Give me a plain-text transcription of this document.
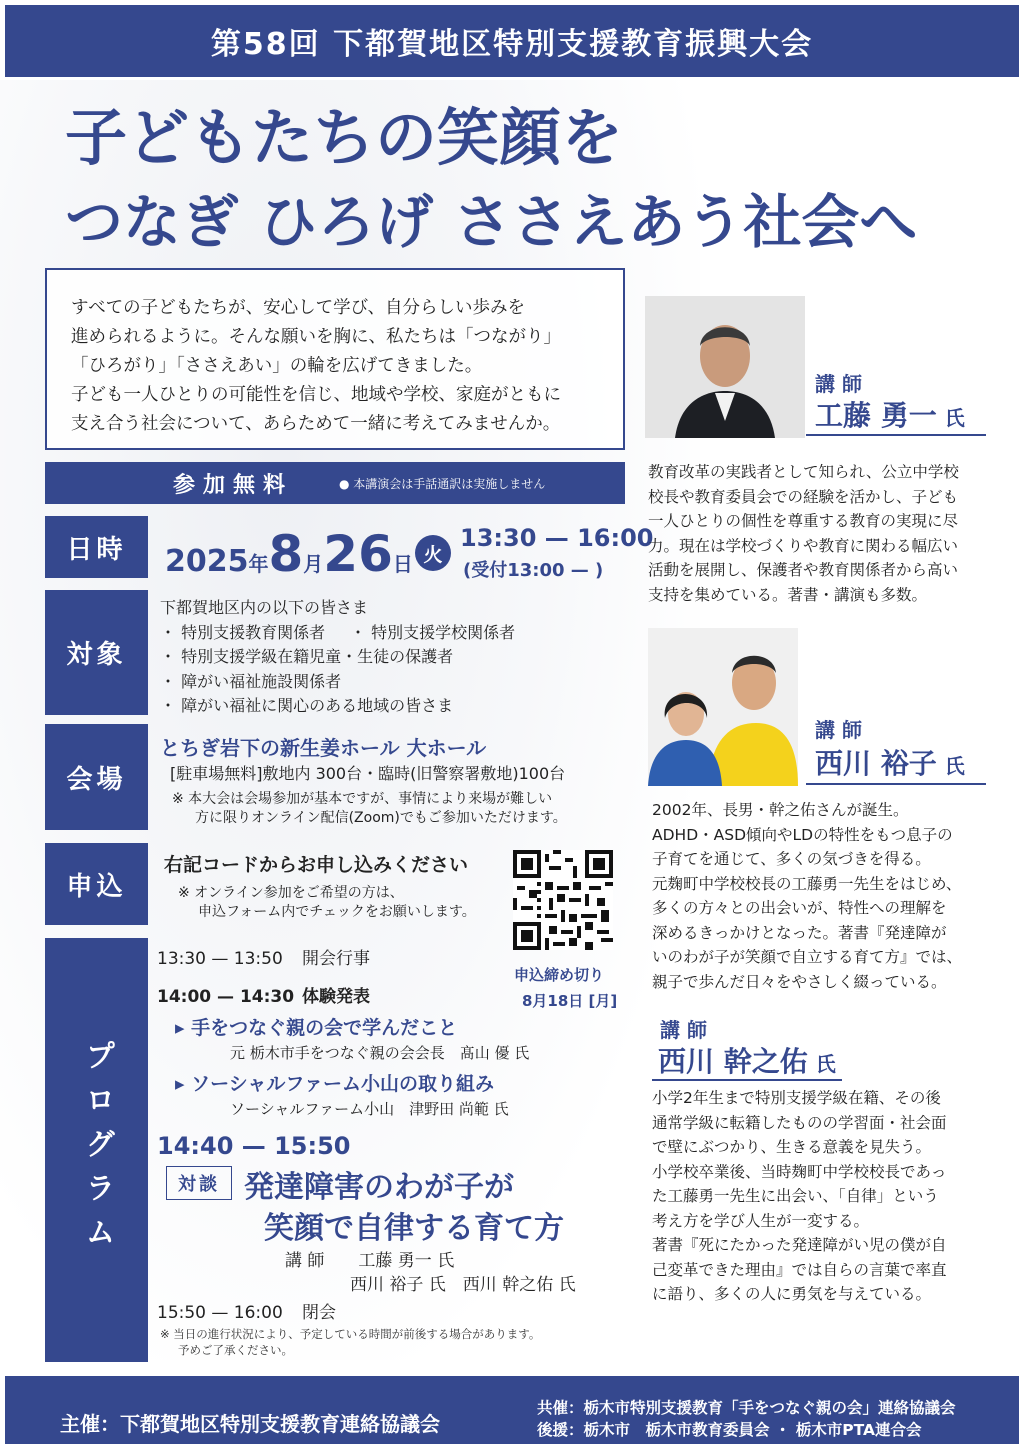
第58回 下都賀地区特別支援教育振興大会
子どもたちの笑顔を
つなぎ ひろげ ささえあう社会へ
すべての子どもたちが、安心して学び、自分らしい歩みを
進められるように。そんな願いを胸に、私たちは「つながり」
「ひろがり」「ささえあい」の輪を広げてきました。
子ども一人ひとりの可能性を信じ、地域や学校、家庭がともに
支え合う社会について、あらためて一緒に考えてみませんか。
参加無料	● 本講演会は手話通訳は実施しません
日時
対象
会場
申込
プログラム
2025 年 8 月 26 日 火
13:30 — 16:00
(受付13:00 — )
下都賀地区内の以下の皆さま
・ 特別支援教育関係者	・ 特別支援学校関係者
・ 特別支援学級在籍児童・生徒の保護者
・ 障がい福祉施設関係者
・ 障がい福祉に関心のある地域の皆さま
とちぎ岩下の新生姜ホール 大ホール
[駐車場無料]敷地内 300台・臨時(旧警察署敷地)100台
※ 本大会は会場参加が基本ですが、事情により来場が難しい
方に限りオンライン配信(Zoom)でもご参加いただけます。
右記コードからお申し込みください
※ オンライン参加をご希望の方は、
申込フォーム内でチェックをお願いします。
申込締め切り
8月18日 [月]
13:30 — 13:50 開会行事
14:00 — 14:30 体験発表
▸ 手をつなぐ親の会で学んだこと
元 栃木市手をつなぐ親の会会長　髙山 優 氏
▸ ソーシャルファーム小山の取り組み
ソーシャルファーム小山　津野田 尚範 氏
14:40 — 15:50
対談 発達障害のわが子が
笑顔で自律する育て方
講 師　　工藤 勇一 氏
西川 裕子 氏　西川 幹之佑 氏
15:50 — 16:00 閉会
※ 当日の進行状況により、予定している時間が前後する場合があります。
予めご了承ください。
講 師
工藤 勇一 氏
教育改革の実践者として知られ、公立中学校
校長や教育委員会での経験を活かし、子ども
一人ひとりの個性を尊重する教育の実現に尽
力。現在は学校づくりや教育に関わる幅広い
活動を展開し、保護者や教育関係者から高い
支持を集めている。著書・講演も多数。
講 師
西川 裕子 氏
2002年、長男・幹之佑さんが誕生。
ADHD・ASD傾向やLDの特性をもつ息子の
子育てを通じて、多くの気づきを得る。
元麹町中学校校長の工藤勇一先生をはじめ、
多くの方々との出会いが、特性への理解を
深めるきっかけとなった。著書『発達障が
いのわが子が笑顔で自立する育て方』では、
親子で歩んだ日々をやさしく綴っている。
講 師
西川 幹之佑 氏
小学2年生まで特別支援学級在籍、その後
通常学級に転籍したものの学習面・社会面
で壁にぶつかり、生きる意義を見失う。
小学校卒業後、当時麹町中学校校長であっ
た工藤勇一先生に出会い、「自律」という
考え方を学び人生が一変する。
著書『死にたかった発達障がい児の僕が自
己変革できた理由』では自らの言葉で率直
に語り、多くの人に勇気を与えている。
主催：下都賀地区特別支援教育連絡協議会
共催：栃木市特別支援教育「手をつなぐ親の会」連絡協議会
後援：栃木市　栃木市教育委員会 ・ 栃木市PTA連合会
